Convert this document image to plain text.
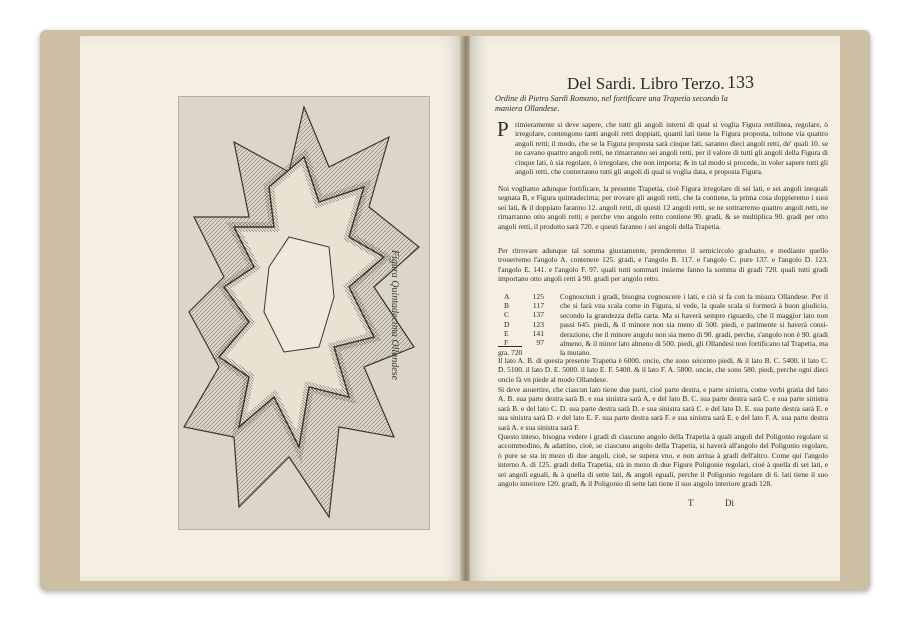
Figura Quintadecima Ollandese
Del Sardi. Libro Terzo. 133
Ordine di Pietro Sardi Romano, nel fortificare una Trapetia secondo la maniera Ollandese.
P rimieramente si deve sapere, che tutti gli angoli interni di qual si voglia Figura rettilinea, regolare, ò irregolare, contengono tanti angoli retti doppiati, quanti lati tiene la Figura proposta, toltone via quattro angoli retti; il modo, che se la Figura proposta sarà cinque lati, saranno dieci angoli retti, de' quali 10. se ne cavano quattro angoli retti, ne rimarranno sei angoli retti, per il valore di tutti gli angoli della Figura di cinque lati, ò sia regolare, ò irregolare, che non importa; & in tal modo si procede, in voler sapere tutti gli angoli retti, che conterranno tutti gli angoli di qual si voglia data, e proposta Figura.
Noi vogliamo adunque fortificare, la presente Trapetia, cioè Figura irregolare di sei lati, e sei angoli inequali segnata B, e Figura quintadecima; per trovare gli angoli retti, che la contiene, la prima cosa doppieremo i suoi sei lati, & il doppiato faranno 12. angoli retti, di questi 12 angoli retti, se ne sottrarremo quattro angoli retti, ne rimarranno otto angoli retti; e perche vno angolo retto contiene 90. gradi, & se multiplica 90. gradi per otto angoli retti, il prodotto sarà 720. e questi faranno i sei angoli della Trapetia.
Per ritrovare adunque tal somma giustamente, prenderemo il semicircolo graduato, e mediante quello trouerremo l'angolo A. contenere 125. gradi, e l'angolo B. 117. e l'angolo C. pure 137. e l'angolo D. 123. l'angolo E. 141. e l'angolo F. 97. quali tutti sommati insieme fanno la somma di gradi 720. quali tutti gradi importano otto angoli retti à 90. gradi per angolo retto.
A	125
B	117
C	137
D	123
E	141
F	97
gra. 720
Cognosciuti i gradi, bisogna cognoscere i lati, e ciò si fa con la misura Ollandese. Per il che si farà vna scala come in Figura, si vede, la quale scala si formerà à buon giudicio, secondo la grandezza della carta. Ma si haverà sempre riguardo, che il maggior lato non passi 645. piedi, & il minore non sia meno di 500. piedi, e parimente si haverà considerazione, che il minore angolo non sia meno di 90. gradi, perche, s'angolo non è 90. gradi almeno, & il minor lato almeno di 500. piedi, gli Ollandesi non fortificano tal Trapetia, ma la mutano.
Il lato A. B. di questa presente Trapetia è 6000. oncie, che sono seicento piedi, & il lato B. C. 5400. il lato C. D. 5100. il lato D. E. 5000. il lato E. F. 5400. & il lato F. A. 5800. oncie, che sono 580. piedi, perche ogni dieci oncie fà vn piede al modo Ollandese.
Si deve auuertire, che ciascun lato tiene due parti, cioè parte destra, e parte sinistra, come verbi gratia del lato A. B. sua parte destra sarà B. e sua sinistra sarà A, e del lato B. C. sua parte destra sarà C. e sua parte sinistra sarà B. e del lato C. D. sua parte destra sarà D. e sua sinistra sarà C. e del lato D. E. sua parte destra sarà E. e sua sinistra sarà D. e del lato E. F. sua parte destra sarà F. e sua sinistra sarà E. e del lato F. A. sua parte destra sarà A. e sua sinistra sarà F.
Questo inteso, bisogna vedere i gradi di ciascuno angolo della Trapetia à quali angoli del Poligonio regolare si accommodino, & adattino, cioè, se ciascuno angolo della Trapetia, si haverà all'angolo del Poligonio regolare, ò pure se sta in mezo di due angoli, cioè, se supera vno, e non arriua à gradi dell'altro. Come qui l'angolo interno A. di 125. gradi della Trapetia, stà in mezo di due Figure Poligonie regolari, cioè à quella di sei lati, e sei angoli eguali, & à quella di sette lati, & angoli eguali, perche il Poligonio regolare di 6. lati tiene il suo angolo interiore 120. gradi, & il Poligonio di sette lati tiene il suo angolo interiore gradi 128.
T	Di
